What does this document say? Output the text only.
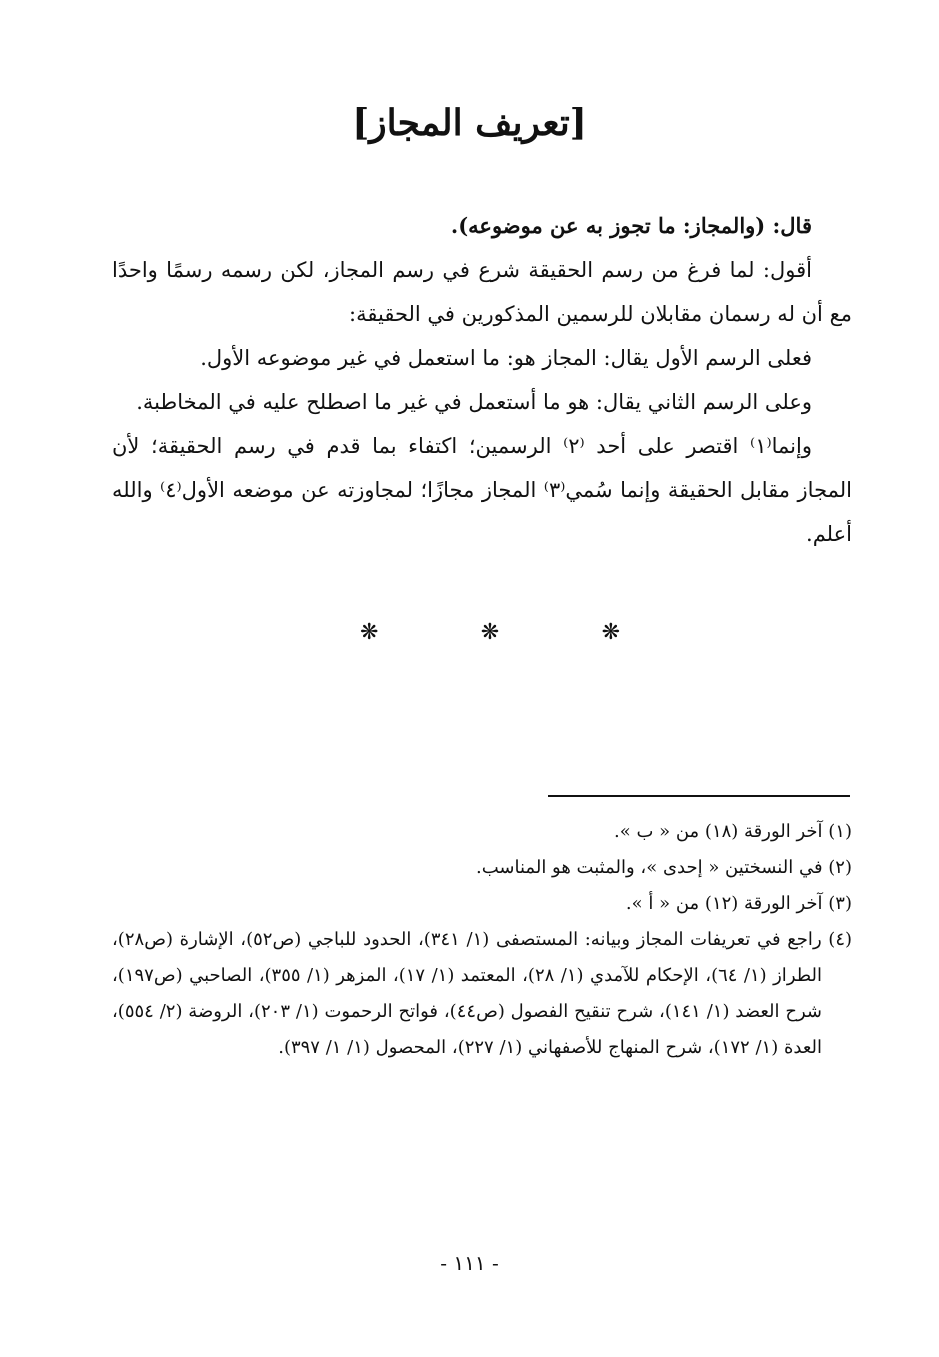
[تعريف المجاز]

قال: (والمجاز: ما تجوز به عن موضوعه).

أقول: لما فرغ من رسم الحقيقة شرع في رسم المجاز، لكن رسمه رسمًا واحدًا مع أن له رسمان مقابلان للرسمين المذكورين في الحقيقة:

فعلى الرسم الأول يقال: المجاز هو: ما استعمل في غير موضوعه الأول.

وعلى الرسم الثاني يقال: هو ما أستعمل في غير ما اصطلح عليه في المخاطبة.

وإنما⁽١⁾ اقتصر على أحد ⁽٢⁾ الرسمين؛ اكتفاء بما قدم في رسم الحقيقة؛ لأن المجاز مقابل الحقيقة وإنما سُمي⁽٣⁾ المجاز مجازًا؛ لمجاوزته عن موضعه الأول⁽٤⁾ والله أعلم.

❋	❋	❋

(١) آخر الورقة (١٨) من « ب ».

(٢) في النسختين « إحدى »، والمثبت هو المناسب.

(٣) آخر الورقة (١٢) من « أ ».

(٤) راجع في تعريفات المجاز وبيانه: المستصفى (١/ ٣٤١)، الحدود للباجي (ص٥٢)، الإشارة (ص٢٨)، الطراز (١/ ٦٤)، الإحكام للآمدي (١/ ٢٨)، المعتمد (١/ ١٧)، المزهر (١/ ٣٥٥)، الصاحبي (ص١٩٧)، شرح العضد (١/ ١٤١)، شرح تنقيح الفصول (ص٤٤)، فواتح الرحموت (١/ ٢٠٣)، الروضة (٢/ ٥٥٤)، العدة (١/ ١٧٢)، شرح المنهاج للأصفهاني (١/ ٢٢٧)، المحصول (١/ ١/ ٣٩٧).

- ١١١ -
